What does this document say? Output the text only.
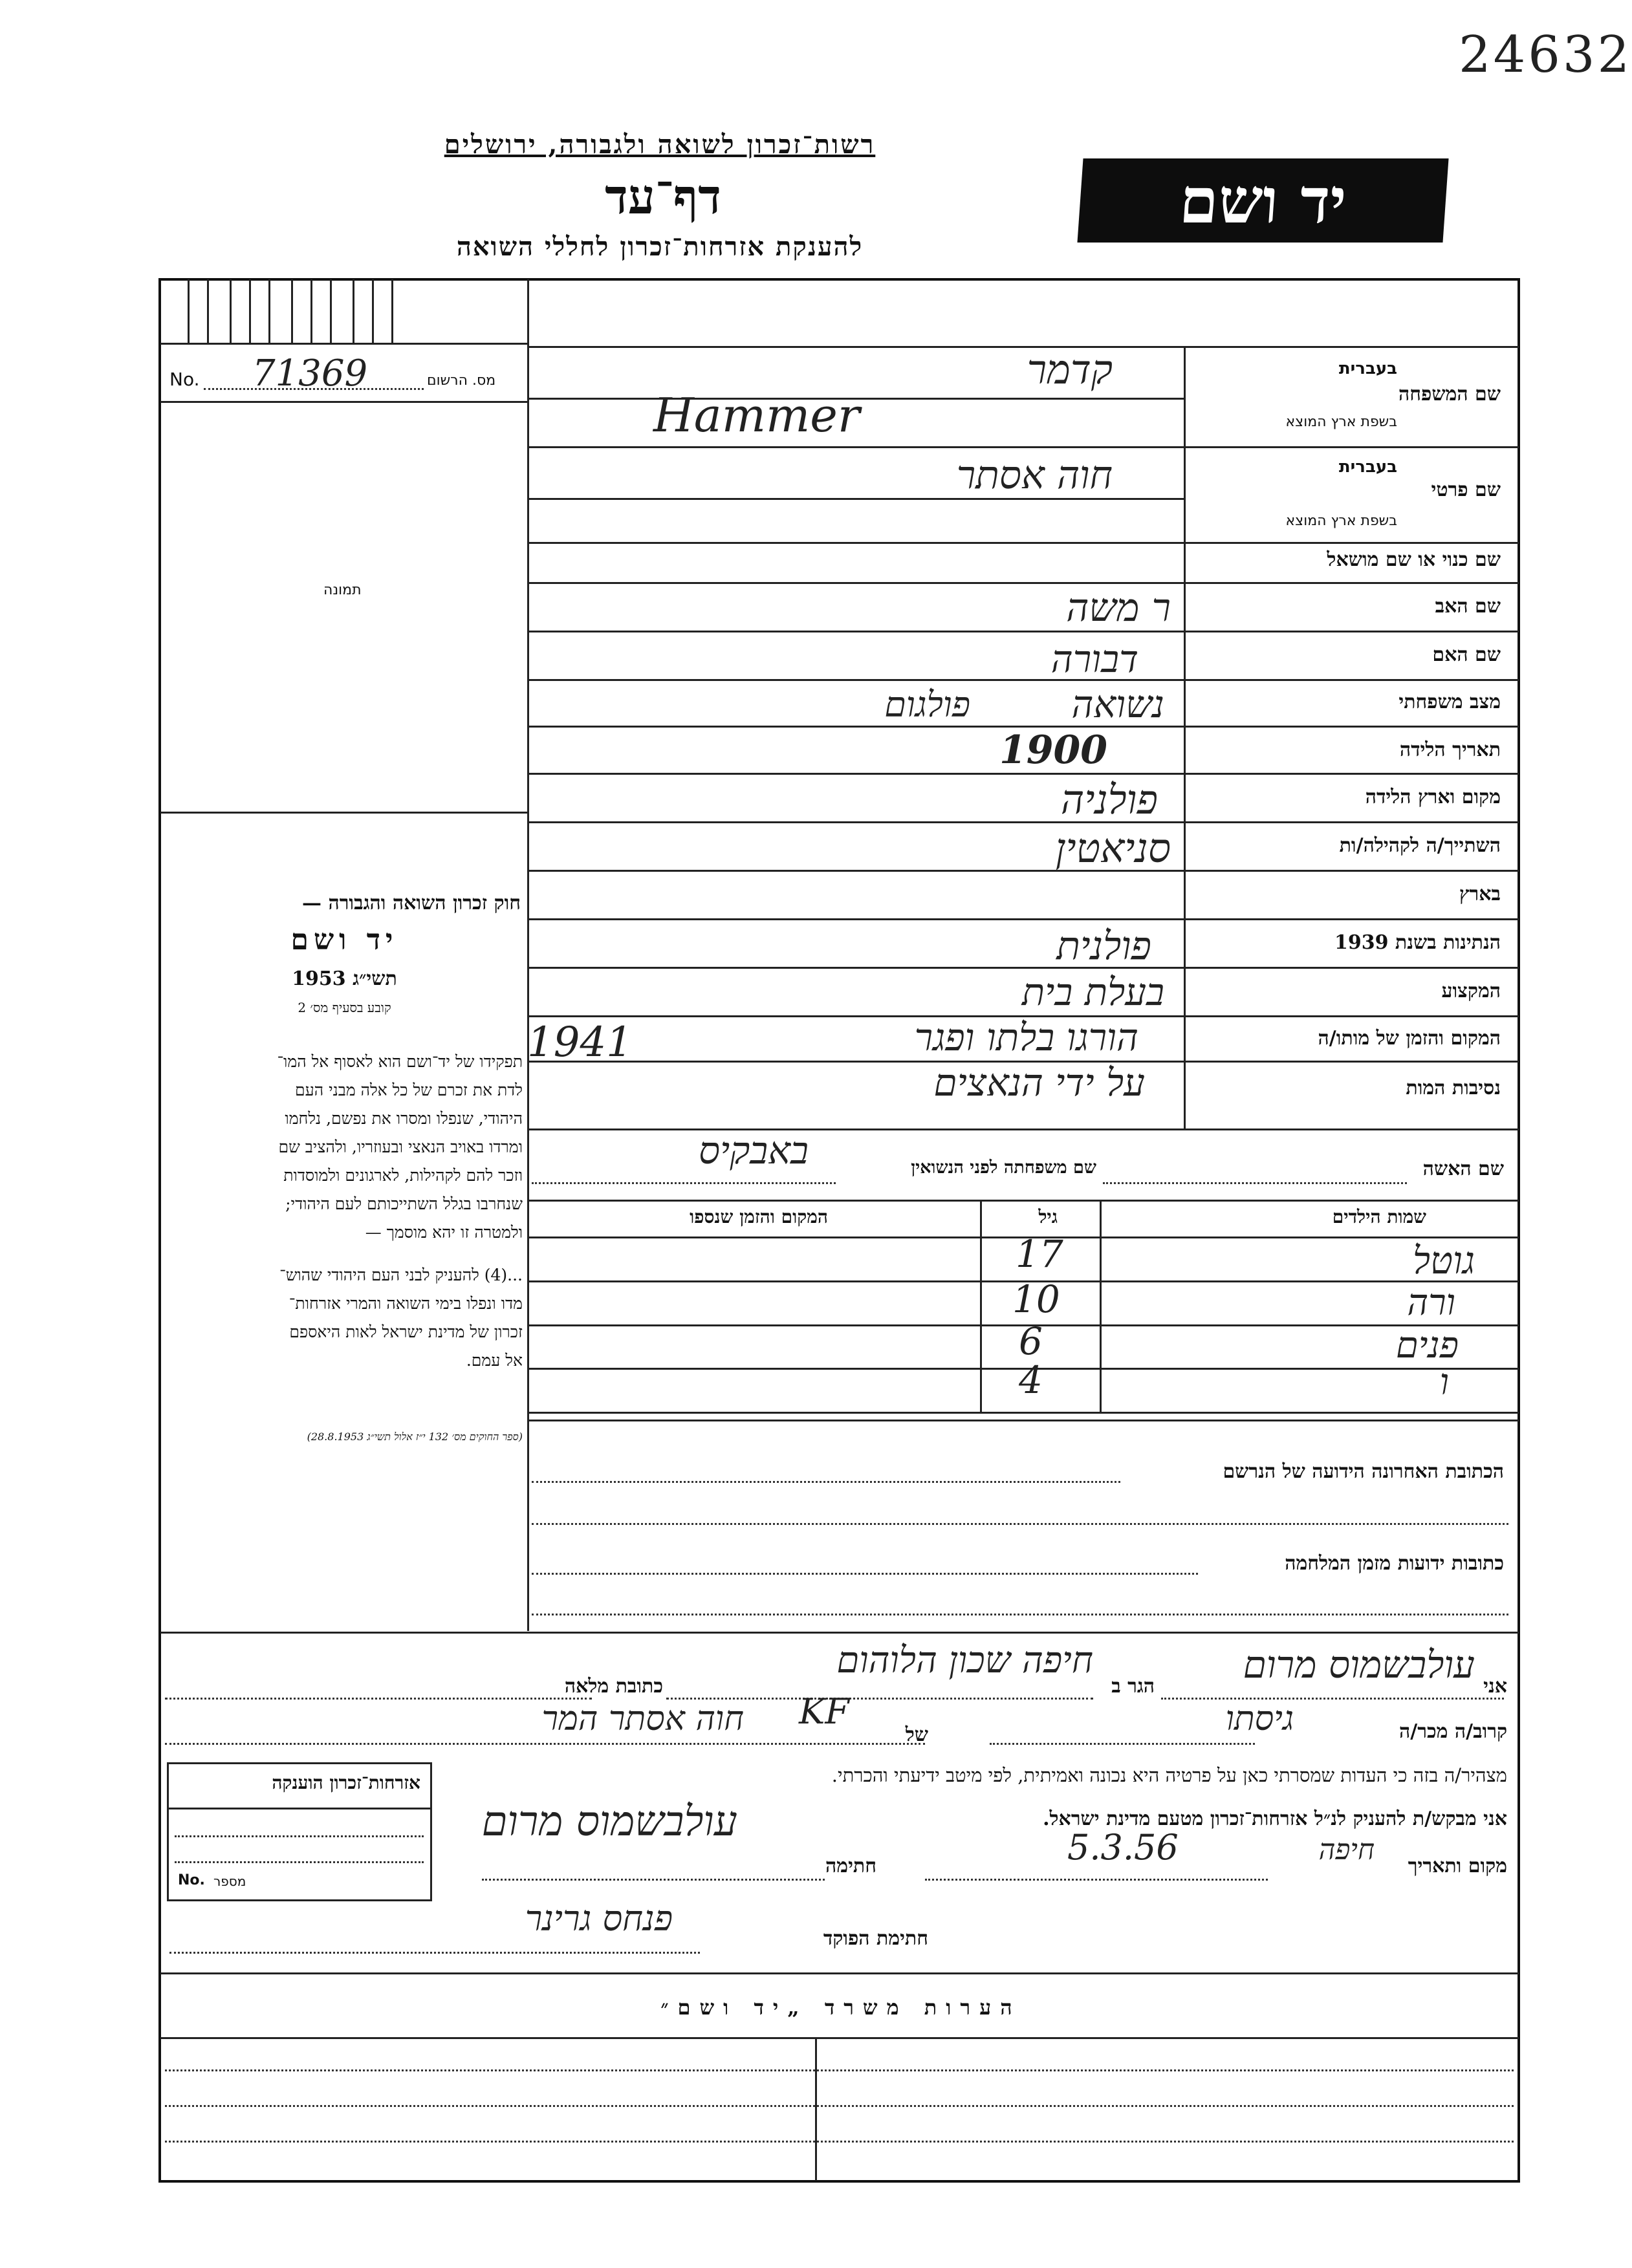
24632
רשות־זכרון לשואה ולגבורה, ירושלים
דף־עד
להענקת אזרחות־זכרון לחללי השואה
יד ושם
No. 71369	מס. הרשום
תמונה
חוק זכרון השואה והגבורה —
יד ושם
תשי״ג 1953
קובע בסעיף מס׳ 2
תפקידו של יד־ושם הוא לאסוף אל המו־
לדת את זכרם של כל אלה מבני העם
היהודי, שנפלו ומסרו את נפשם, נלחמו
ומרדו באויב הנאצי ובעוזריו, ולהציב שם
וזכר להם לקהילות, לארגונים ולמוסדות
שנחרבו בגלל השתייכותם לעם היהודי;
ולמטרה זו יהא מוסמך —
...(4) להעניק לבני העם היהודי שהוש־
מדו ונפלו בימי השואה והמרי אזרחות־
זכרון של מדינת ישראל לאות היאספם
אל עמם.
(ספר החוקים מס׳ 132 י״ז אלול תשי״ג 28.8.1953)
שם המשפחה
בעברית
בשפת ארץ המוצא
שם פרטי
בעברית
בשפת ארץ המוצא
שם כנוי או שם מושאל
שם האב
שם האם
מצב משפחתי
תאריך הלידה
מקום וארץ הלידה
השתייך/ה לקהילה/ות
בארץ
הנתינות בשנת 1939
המקצוע
המקום והזמן של מותו/ה
נסיבות המות
קדמר
Hammer
חוה אסתר
ר משה
דבורה
נשואה
פולגום
1900
פולניה
סניאטין
פולנית
בעלת בית
הורגו בלתו ופגר
1941
על ידי הנאצים
שם האשה
שם משפחתה לפני הנשואין
באבקיס
שמות הילדים
גיל
המקום והזמן שנספו
גוטל
17
ורה
10
פנים
6
ו
4
הכתובת האחרונה הידועה של הנרשם
כתובות ידועות מזמן המלחמה
אני
עולבשמוס מרום
הגר ב
חיפה שכון הלוהום
כתובת מלאה
קרוב/ה מכר/ה
גיסתו
KF
של
חוה אסתר המר
מצהיר/ה בזה כי העדות שמסרתי כאן על פרטיה היא נכונה ואמיתית, לפי מיטב ידיעתי והכרתי.
אני מבקש/ת להעניק לנ״ל אזרחות־זכרון מטעם מדינת ישראל.
מקום ותאריך
חיפה
5.3.56
חתימה
עולבשמוס מרום
אזרחות־זכרון הוענקה
No. מספר
חתימת הפוקד
פנחס גרינר
הערות משרד „יד ושם״
